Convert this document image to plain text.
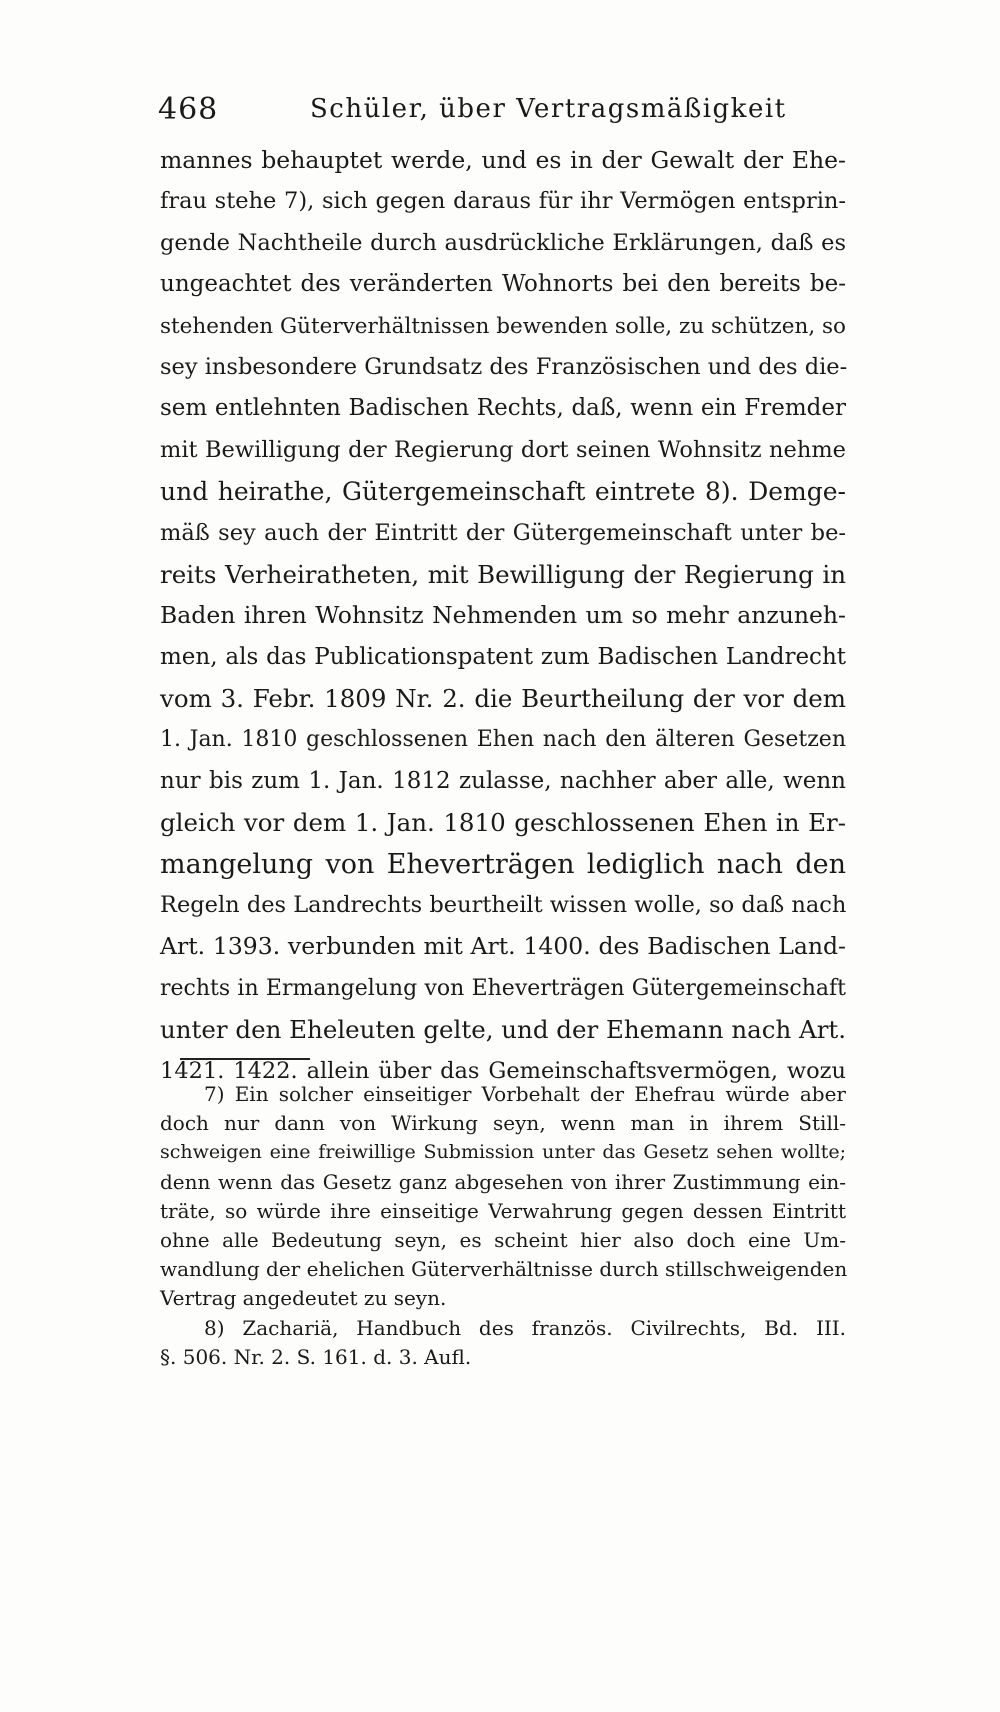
468	Schüler, über Vertragsmäßigkeit
mannes behauptet werde, und es in der Gewalt der Ehe-
frau stehe 7), sich gegen daraus für ihr Vermögen entsprin-
gende Nachtheile durch ausdrückliche Erklärungen, daß es
ungeachtet des veränderten Wohnorts bei den bereits be-
stehenden Güterverhältnissen bewenden solle, zu schützen, so
sey insbesondere Grundsatz des Französischen und des die-
sem entlehnten Badischen Rechts, daß, wenn ein Fremder
mit Bewilligung der Regierung dort seinen Wohnsitz nehme
und heirathe, Gütergemeinschaft eintrete 8). Demge-
mäß sey auch der Eintritt der Gütergemeinschaft unter be-
reits Verheiratheten, mit Bewilligung der Regierung in
Baden ihren Wohnsitz Nehmenden um so mehr anzuneh-
men, als das Publicationspatent zum Badischen Landrecht
vom 3. Febr. 1809 Nr. 2. die Beurtheilung der vor dem
1. Jan. 1810 geschlossenen Ehen nach den älteren Gesetzen
nur bis zum 1. Jan. 1812 zulasse, nachher aber alle, wenn
gleich vor dem 1. Jan. 1810 geschlossenen Ehen in Er-
mangelung von Eheverträgen lediglich nach den
Regeln des Landrechts beurtheilt wissen wolle, so daß nach
Art. 1393. verbunden mit Art. 1400. des Badischen Land-
rechts in Ermangelung von Eheverträgen Gütergemeinschaft
unter den Eheleuten gelte, und der Ehemann nach Art.
1421. 1422. allein über das Gemeinschaftsvermögen, wozu
7) Ein solcher einseitiger Vorbehalt der Ehefrau würde aber
doch nur dann von Wirkung seyn, wenn man in ihrem Still-
schweigen eine freiwillige Submission unter das Gesetz sehen wollte;
denn wenn das Gesetz ganz abgesehen von ihrer Zustimmung ein-
träte, so würde ihre einseitige Verwahrung gegen dessen Eintritt
ohne alle Bedeutung seyn, es scheint hier also doch eine Um-
wandlung der ehelichen Güterverhältnisse durch stillschweigenden
Vertrag angedeutet zu seyn.
8) Zachariä, Handbuch des französ. Civilrechts, Bd. III.
§. 506. Nr. 2. S. 161. d. 3. Aufl.
